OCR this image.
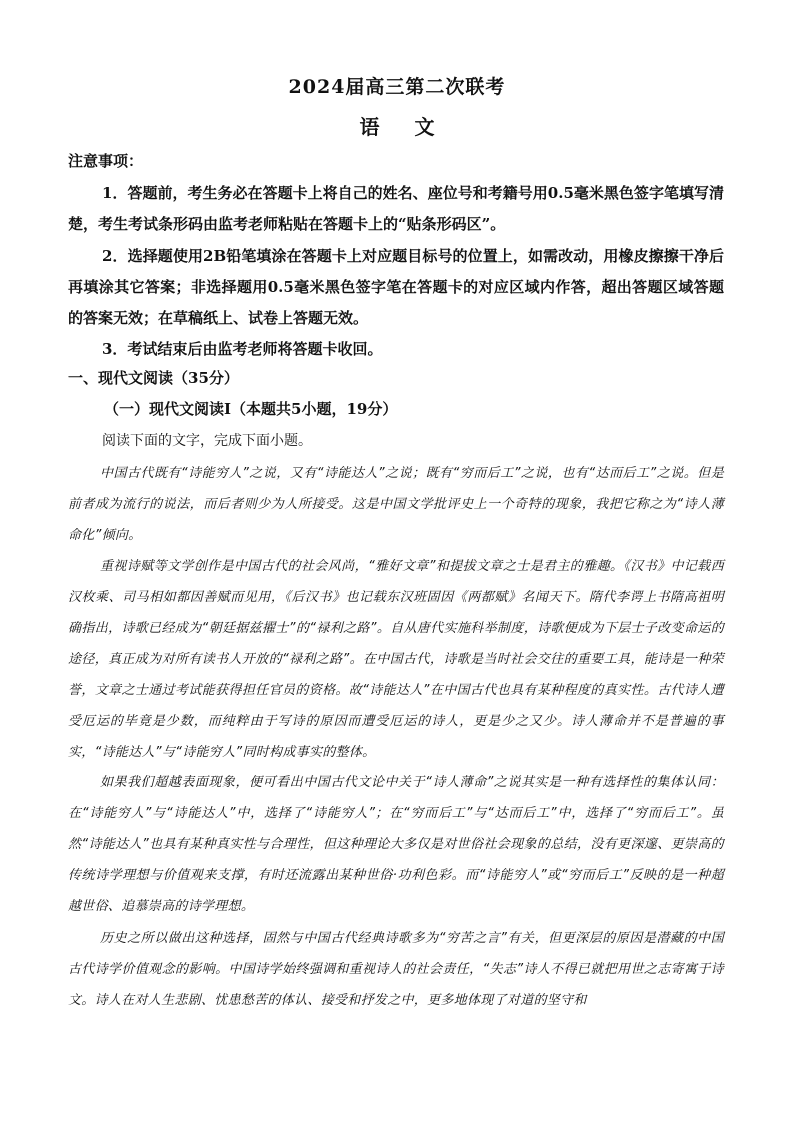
2024届高三第二次联考
语 文
注意事项：
1．答题前，考生务必在答题卡上将自己的姓名、座位号和考籍号用0.5毫米黑色签字笔填写清楚，考生考试条形码由监考老师粘贴在答题卡上的“贴条形码区”。
2．选择题使用2B铅笔填涂在答题卡上对应题目标号的位置上，如需改动，用橡皮擦擦干净后再填涂其它答案；非选择题用0.5毫米黑色签字笔在答题卡的对应区域内作答，超出答题区域答题的答案无效；在草稿纸上、试卷上答题无效。
3．考试结束后由监考老师将答题卡收回。
一、现代文阅读（35分）
（一）现代文阅读Ⅰ（本题共5小题，19分）
阅读下面的文字，完成下面小题。
中国古代既有“诗能穷人”之说，又有“诗能达人”之说；既有“穷而后工”之说，也有“达而后工”之说。但是前者成为流行的说法，而后者则少为人所接受。这是中国文学批评史上一个奇特的现象，我把它称之为“诗人薄命化”倾向。
重视诗赋等文学创作是中国古代的社会风尚，“雅好文章”和提拔文章之士是君主的雅趣。《汉书》中记载西汉枚乘、司马相如都因善赋而见用，《后汉书》也记载东汉班固因《两都赋》名闻天下。隋代李谔上书隋高祖明确指出，诗歌已经成为“朝廷据兹擢士”的“禄利之路”。自从唐代实施科举制度，诗歌便成为下层士子改变命运的途径，真正成为对所有读书人开放的“禄利之路”。在中国古代，诗歌是当时社会交往的重要工具，能诗是一种荣誉，文章之士通过考试能获得担任官员的资格。故“诗能达人”在中国古代也具有某种程度的真实性。古代诗人遭受厄运的毕竟是少数，而纯粹由于写诗的原因而遭受厄运的诗人，更是少之又少。诗人薄命并不是普遍的事实，“诗能达人”与“诗能穷人”同时构成事实的整体。
如果我们超越表面现象，便可看出中国古代文论中关于“诗人薄命”之说其实是一种有选择性的集体认同：在“诗能穷人”与“诗能达人”中，选择了“诗能穷人”；在“穷而后工”与“达而后工”中，选择了“穷而后工”。虽然“诗能达人”也具有某种真实性与合理性，但这种理论大多仅是对世俗社会现象的总结，没有更深邃、更崇高的传统诗学理想与价值观来支撑，有时还流露出某种世俗·功利色彩。而“诗能穷人”或“穷而后工”反映的是一种超越世俗、追慕崇高的诗学理想。
历史之所以做出这种选择，固然与中国古代经典诗歌多为“穷苦之言”有关，但更深层的原因是潜藏的中国古代诗学价值观念的影响。中国诗学始终强调和重视诗人的社会责任，“失志”诗人不得已就把用世之志寄寓于诗文。诗人在对人生悲剧、忧患愁苦的体认、接受和抒发之中，更多地体现了对道的坚守和
